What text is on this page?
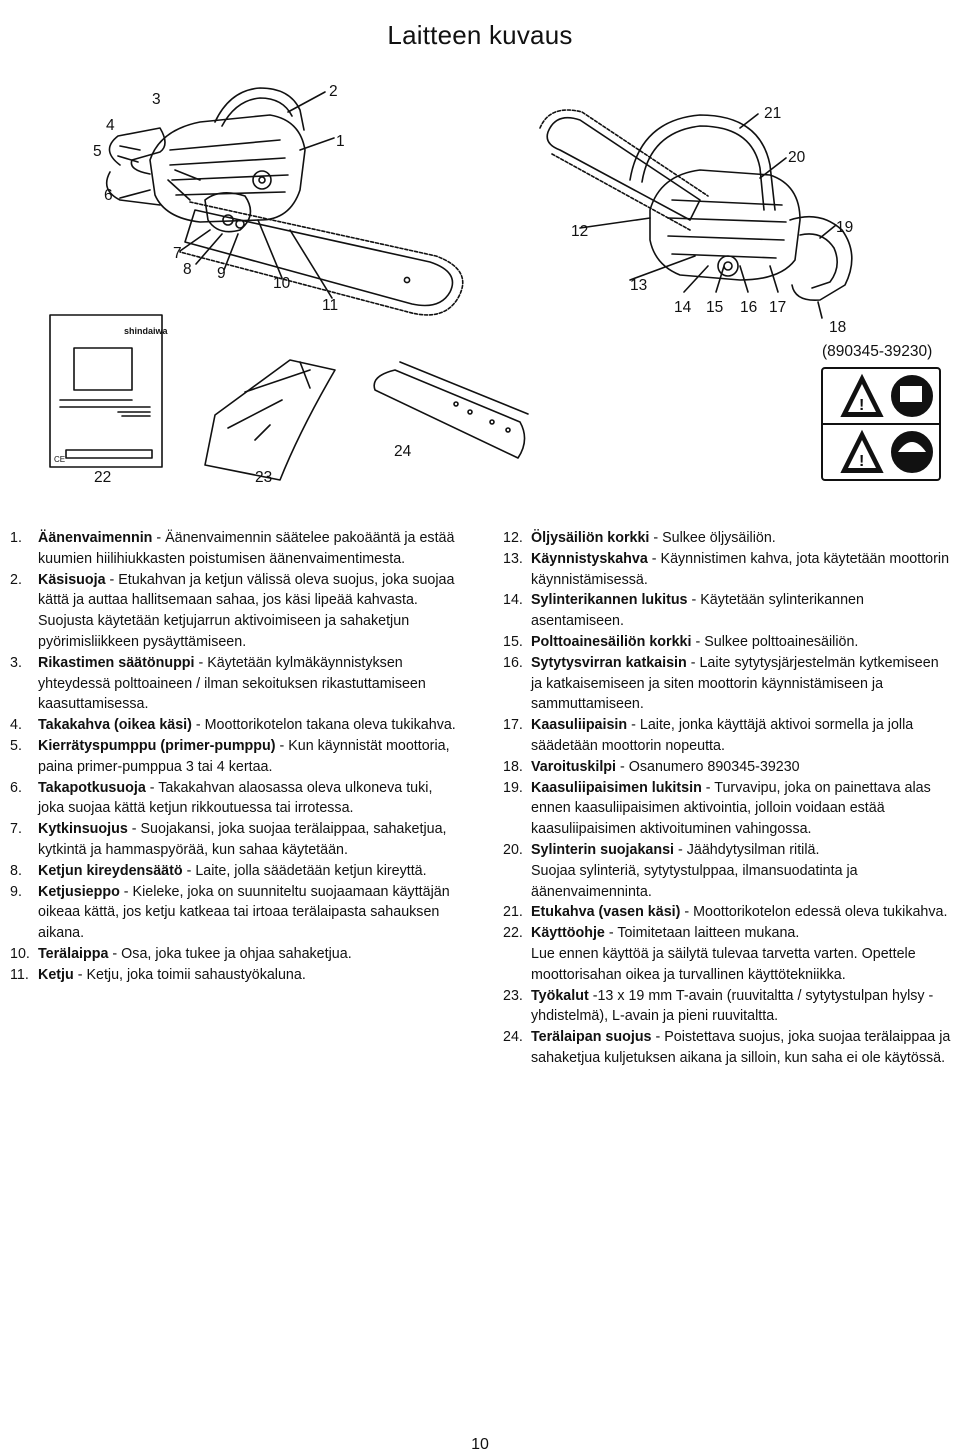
Laitteen kuvaus
!
!
shindaiwa
CE
3
4
5
6
7
8 9
10
11
2
1
21
20
19
12
13
14 15 16 17
18
(890345-39230)
22	23
24
1.	Äänenvaimennin - Äänenvaimennin säätelee pakoääntä ja estää kuumien hiilihiukkasten poistumisen äänenvaimentimesta.
2.	Käsisuoja - Etukahvan ja ketjun välissä oleva suojus, joka suojaa kättä ja auttaa hallitsemaan sahaa, jos käsi lipeää kahvasta.
Suojusta käytetään ketjujarrun aktivoimiseen ja sahaketjun pyörimisliikkeen pysäyttämiseen.
3.	Rikastimen säätönuppi - Käytetään kylmäkäynnistyksen yhteydessä polttoaineen / ilman sekoituksen rikastuttamiseen kaasuttamisessa.
4.	Takakahva (oikea käsi) - Moottorikotelon takana oleva tukikahva.
5.	Kierrätyspumppu (primer-pumppu) - Kun käynnistät moottoria, paina primer-pumppua 3 tai 4 kertaa.
6.	Takapotkusuoja - Takakahvan alaosassa oleva ulkoneva tuki, joka suojaa kättä ketjun rikkoutuessa tai irrotessa.
7.	Kytkinsuojus - Suojakansi, joka suojaa terälaippaa, sahaketjua, kytkintä ja hammaspyörää, kun sahaa käytetään.
8.	Ketjun kireydensäätö - Laite, jolla säädetään ketjun kireyttä.
9.	Ketjusieppo - Kieleke, joka on suunniteltu suojaamaan käyttäjän oikeaa kättä, jos ketju katkeaa tai irtoaa terälaipasta sahauksen aikana.
10. Terälaippa - Osa, joka tukee ja ohjaa sahaketjua.
11. Ketju - Ketju, joka toimii sahaustyökaluna.
12. Öljysäiliön korkki - Sulkee öljysäiliön.
13. Käynnistyskahva - Käynnistimen kahva, jota käytetään moottorin käynnistämisessä.
14. Sylinterikannen lukitus - Käytetään sylinterikannen asentamiseen.
15. Polttoainesäiliön korkki - Sulkee polttoainesäiliön.
16. Sytytysvirran katkaisin - Laite sytytysjärjestelmän kytkemiseen ja katkaisemiseen ja siten moottorin käynnistämiseen ja sammuttamiseen.
17. Kaasuliipaisin - Laite, jonka käyttäjä aktivoi sormella ja jolla säädetään moottorin nopeutta.
18. Varoituskilpi - Osanumero 890345-39230
19. Kaasuliipaisimen lukitsin - Turvavipu, joka on painettava alas ennen kaasuliipaisimen aktivointia, jolloin voidaan estää kaasuliipaisimen aktivoituminen vahingossa.
20. Sylinterin suojakansi - Jäähdytysilman ritilä.
Suojaa sylinteriä, sytytystulppaa, ilmansuodatinta ja äänenvaimenninta.
21. Etukahva (vasen käsi) - Moottorikotelon edessä oleva tukikahva.
22. Käyttöohje - Toimitetaan laitteen mukana.
Lue ennen käyttöä ja säilytä tulevaa tarvetta varten. Opettele moottorisahan oikea ja turvallinen käyttötekniikka.
23. Työkalut -13 x 19 mm T-avain (ruuvitaltta / sytytystulpan hylsy -yhdistelmä), L-avain ja pieni ruuvitaltta.
24. Terälaipan suojus - Poistettava suojus, joka suojaa terälaippaa ja sahaketjua kuljetuksen aikana ja silloin, kun saha ei ole käytössä.
10
